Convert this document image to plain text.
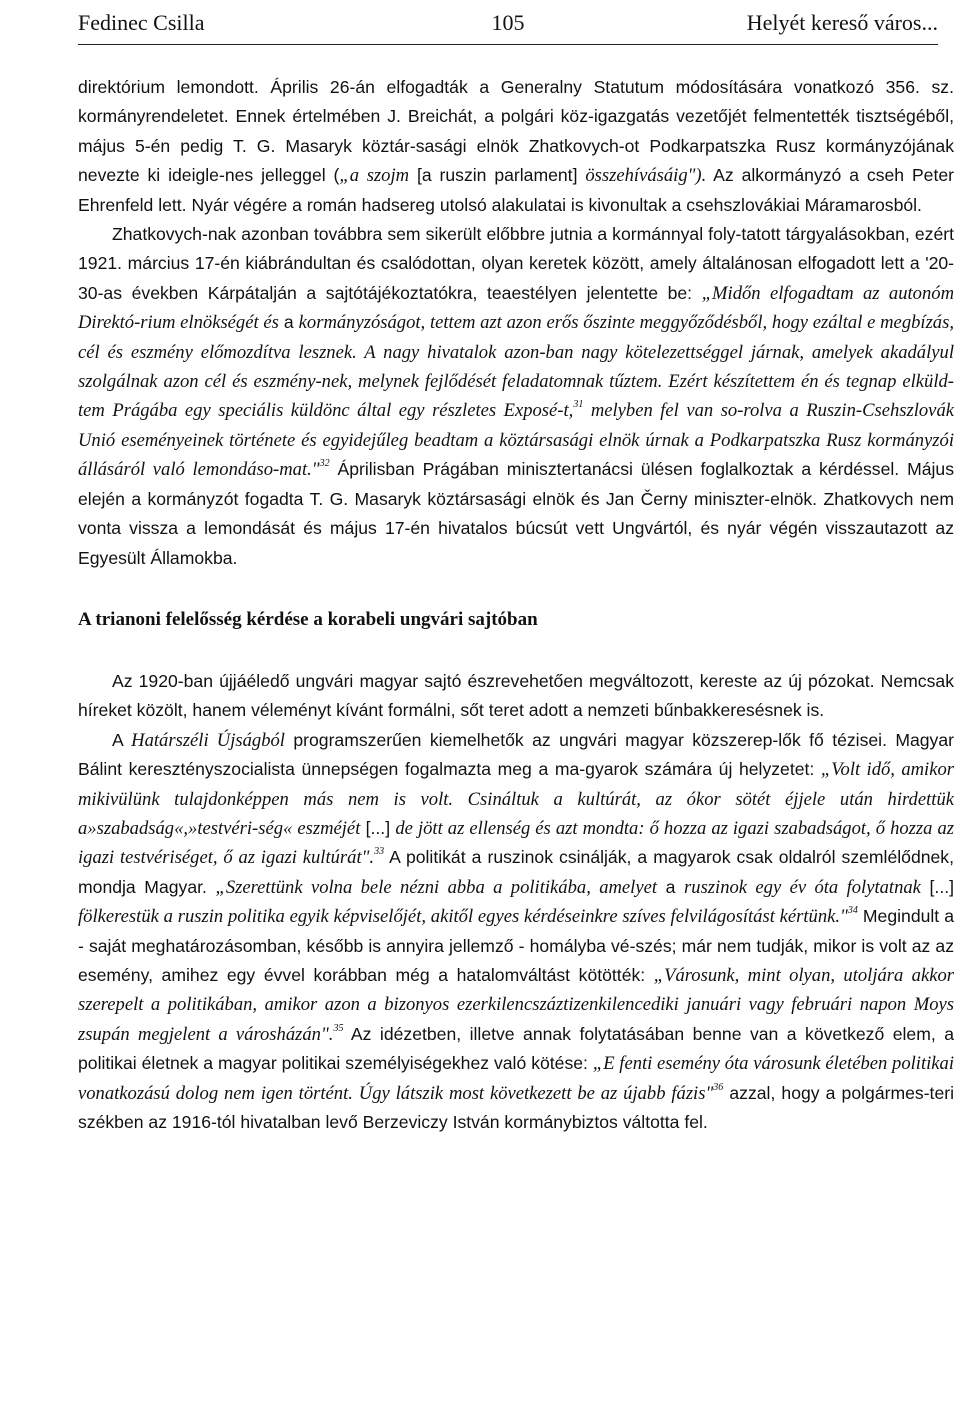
Fedinec Csilla	105	Helyét kereső város...

direktórium lemondott. Április 26-án elfogadták a Generalny Statutum módosítására vonatkozó 356. sz. kormányrendeletet. Ennek értelmében J. Breichát, a polgári köz-igazgatás vezetőjét felmentették tisztségéből, május 5-én pedig T. G. Masaryk köztár-sasági elnök Zhatkovych-ot Podkarpatszka Rusz kormányzójának nevezte ki ideigle-nes jelleggel („a szojm [a ruszin parlament] összehívásáig"). Az alkormányzó a cseh Peter Ehrenfeld lett. Nyár végére a román hadsereg utolsó alakulatai is kivonultak a csehszlovákiai Máramarosból.

Zhatkovych-nak azonban továbbra sem sikerült előbbre jutnia a kormánnyal foly-tatott tárgyalásokban, ezért 1921. március 17-én kiábrándultan és csalódottan, olyan keretek között, amely általánosan elfogadott lett a '20-30-as években Kárpátalján a sajtótájékoztatókra, teaestélyen jelentette be: „Midőn elfogadtam az autonóm Direktó-rium elnökségét és a kormányzóságot, tettem azt azon erős őszinte meggyőződésből, hogy ezáltal e megbízás, cél és eszmény előmozdítva lesznek. A nagy hivatalok azon-ban nagy kötelezettséggel járnak, amelyek akadályul szolgálnak azon cél és eszmény-nek, melynek fejlődését feladatomnak tűztem. Ezért készítettem én és tegnap elküld-tem Prágába egy speciális küldönc által egy részletes Exposé-t,$^{31}$ melyben fel van so-rolva a Ruszin-Csehszlovák Unió eseményeinek története és egyidejűleg beadtam a köztársasági elnök úrnak a Podkarpatszka Rusz kormányzói állásáról való lemondáso-mat."$^{32}$ Áprilisban Prágában minisztertanácsi ülésen foglalkoztak a kérdéssel. Május elején a kormányzót fogadta T. G. Masaryk köztársasági elnök és Jan Černy miniszter-elnök. Zhatkovych nem vonta vissza a lemondását és május 17-én hivatalos búcsút vett Ungvártól, és nyár végén visszautazott az Egyesült Államokba.

A trianoni felelősség kérdése a korabeli ungvári sajtóban

Az 1920-ban újjáéledő ungvári magyar sajtó észrevehetően megváltozott, kereste az új pózokat. Nemcsak híreket közölt, hanem véleményt kívánt formálni, sőt teret adott a nemzeti bűnbakkeresésnek is.

A Határszéli Újságból programszerűen kiemelhetők az ungvári magyar közszerep-lők fő tézisei. Magyar Bálint keresztényszocialista ünnepségen fogalmazta meg a ma-gyarok számára új helyzetet: „Volt idő, amikor mikivülünk tulajdonképpen más nem is volt. Csináltuk a kultúrát, az ókor sötét éjjele után hirdettük a»szabadság«,»testvéri-ség« eszméjét [...] de jött az ellenség és azt mondta: ő hozza az igazi szabadságot, ő hozza az igazi testvériséget, ő az igazi kultúrát".$^{33}$ A politikát a ruszinok csinálják, a magyarok csak oldalról szemlélődnek, mondja Magyar. „Szerettünk volna bele nézni abba a politikába, amelyet a ruszinok egy év óta folytatnak [...] fölkerestük a ruszin politika egyik képviselőjét, akitől egyes kérdéseinkre szíves felvilágosítást kértünk."$^{34}$ Megindult a - saját meghatározásomban, később is annyira jellemző - homályba vé-szés; már nem tudják, mikor is volt az az esemény, amihez egy évvel korábban még a hatalomváltást kötötték: „Városunk, mint olyan, utoljára akkor szerepelt a politikában, amikor azon a bizonyos ezerkilencszáztizenkilencediki januári vagy februári napon Moys zsupán megjelent a városházán".$^{35}$ Az idézetben, illetve annak folytatásában benne van a következő elem, a politikai életnek a magyar politikai személyiségekhez való kötése: „E fenti esemény óta városunk életében politikai vonatkozású dolog nem igen történt. Úgy látszik most következett be az újabb fázis"$^{36}$ azzal, hogy a polgármes-teri székben az 1916-tól hivatalban levő Berzeviczy István kormánybiztos váltotta fel.
